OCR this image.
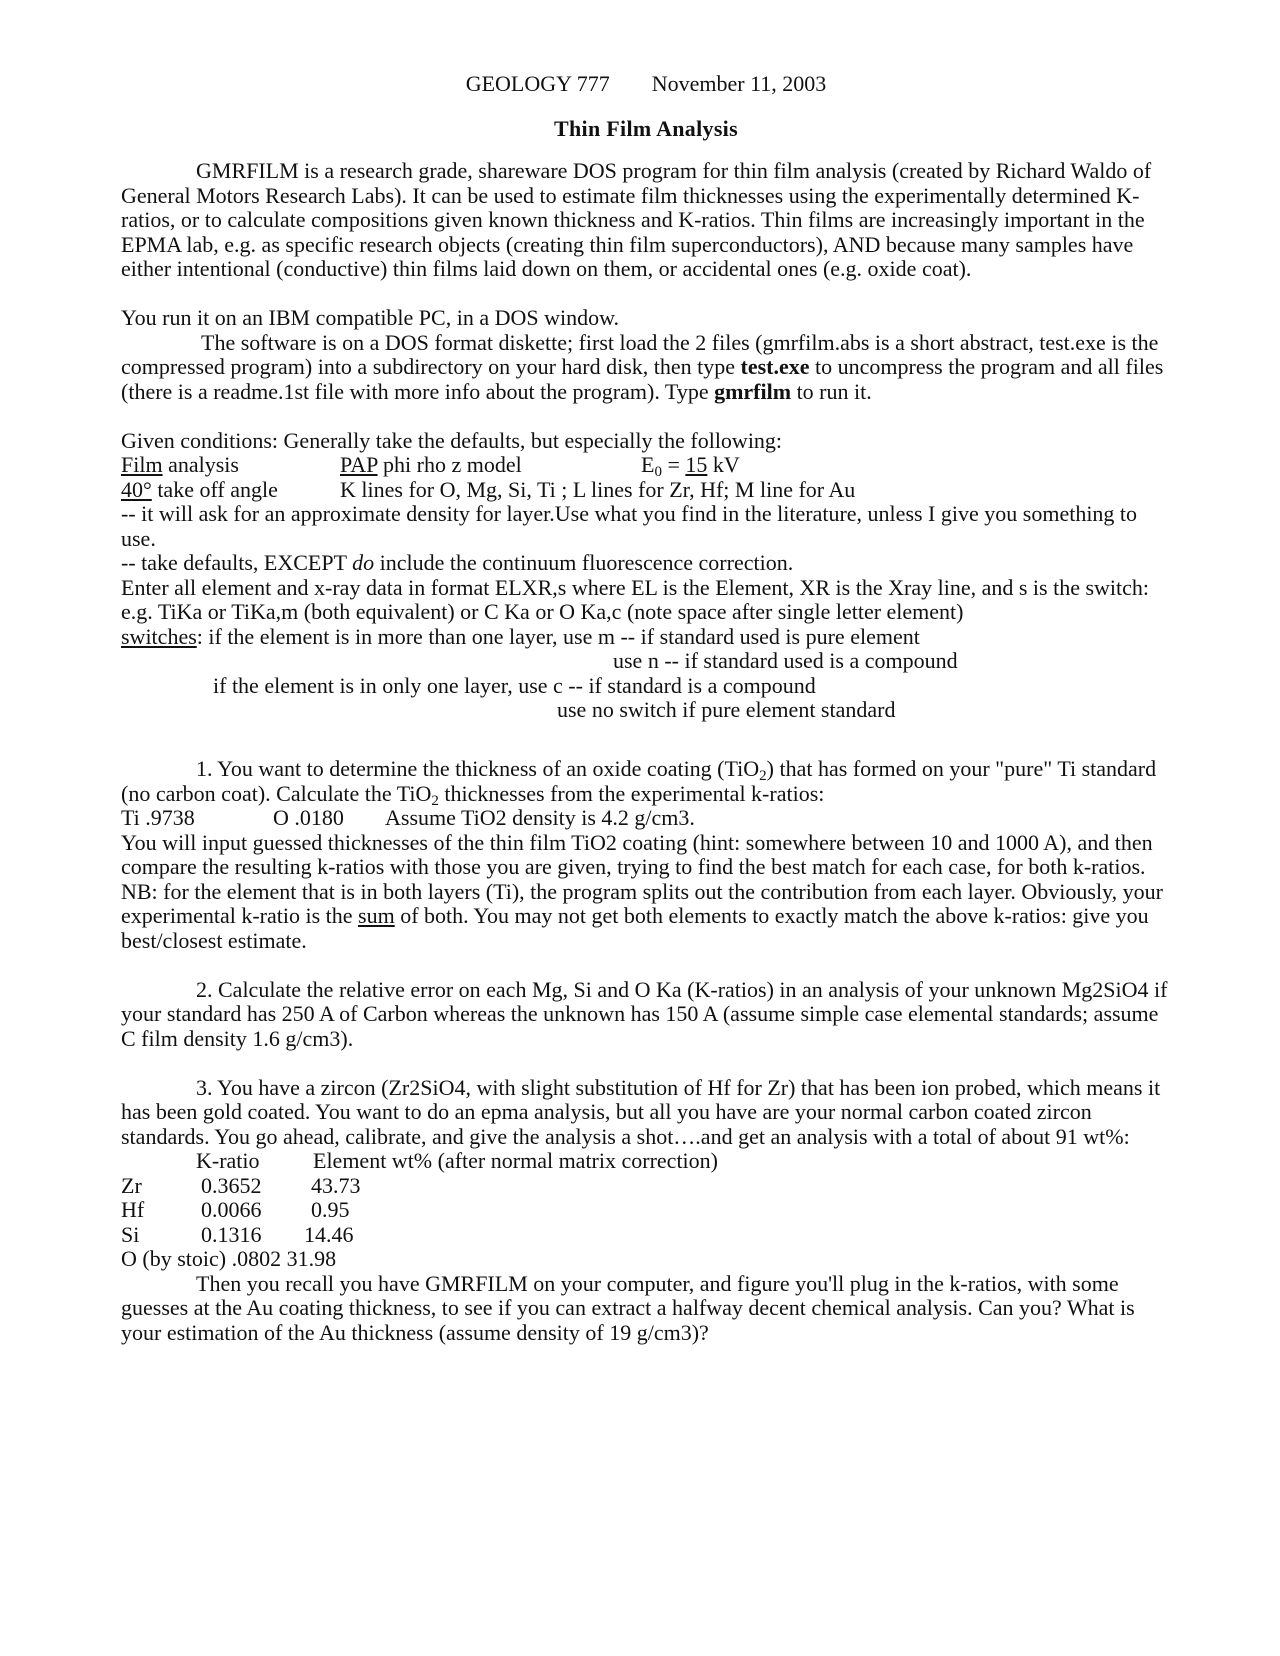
GEOLOGY 777 November 11, 2003
Thin Film Analysis

GMRFILM is a research grade, shareware DOS program for thin film analysis (created by Richard Waldo of General Motors Research Labs). It can be used to estimate film thicknesses using the experimentally determined K-ratios, or to calculate compositions given known thickness and K-ratios. Thin films are increasingly important in the EPMA lab, e.g. as specific research objects (creating thin film superconductors), AND because many samples have either intentional (conductive) thin films laid down on them, or accidental ones (e.g. oxide coat).

You run it on an IBM compatible PC, in a DOS window.

The software is on a DOS format diskette; first load the 2 files (gmrfilm.abs is a short abstract, test.exe is the compressed program) into a subdirectory on your hard disk, then type test.exe to uncompress the program and all files (there is a readme.1st file with more info about the program). Type gmrfilm to run it.

Given conditions: Generally take the defaults, but especially the following:

Film analysis	PAP phi rho z model	$E_0 = 15$ kV
40° take off angle	K lines for O, Mg, Si, Ti ; L lines for Zr, Hf; M line for Au

-- it will ask for an approximate density for layer.Use what you find in the literature, unless I give you something to use.

-- take defaults, EXCEPT do include the continuum fluorescence correction.

Enter all element and x-ray data in format ELXR,s where EL is the Element, XR is the Xray line, and s is the switch: e.g. TiKa or TiKa,m (both equivalent) or C Ka or O Ka,c (note space after single letter element)

switches: if the element is in more than one layer, use m -- if standard used is pure element

use n -- if standard used is a compound

if the element is in only one layer, use c -- if standard is a compound

use no switch if pure element standard

1. You want to determine the thickness of an oxide coating (TiO$_2$) that has formed on your "pure" Ti standard (no carbon coat). Calculate the TiO$_2$ thicknesses from the experimental k-ratios:

Ti .9738	O .0180 Assume TiO2 density is 4.2 g/cm3.

You will input guessed thicknesses of the thin film TiO2 coating (hint: somewhere between 10 and 1000 A), and then compare the resulting k-ratios with those you are given, trying to find the best match for each case, for both k-ratios. NB: for the element that is in both layers (Ti), the program splits out the contribution from each layer. Obviously, your experimental k-ratio is the sum of both. You may not get both elements to exactly match the above k-ratios: give you best/closest estimate.

2. Calculate the relative error on each Mg, Si and O Ka (K-ratios) in an analysis of your unknown Mg2SiO4 if your standard has 250 A of Carbon whereas the unknown has 150 A (assume simple case elemental standards; assume C film density 1.6 g/cm3).

3. You have a zircon (Zr2SiO4, with slight substitution of Hf for Zr) that has been ion probed, which means it has been gold coated. You want to do an epma analysis, but all you have are your normal carbon coated zircon standards. You go ahead, calibrate, and give the analysis a shot….and get an analysis with a total of about 91 wt%:

K-ratio Element wt% (after normal matrix correction)
Zr	0.3652 43.73
Hf	0.0066 0.95
Si	0.1316 14.46

O (by stoic) .0802 31.98

Then you recall you have GMRFILM on your computer, and figure you'll plug in the k-ratios, with some guesses at the Au coating thickness, to see if you can extract a halfway decent chemical analysis. Can you? What is your estimation of the Au thickness (assume density of 19 g/cm3)?
